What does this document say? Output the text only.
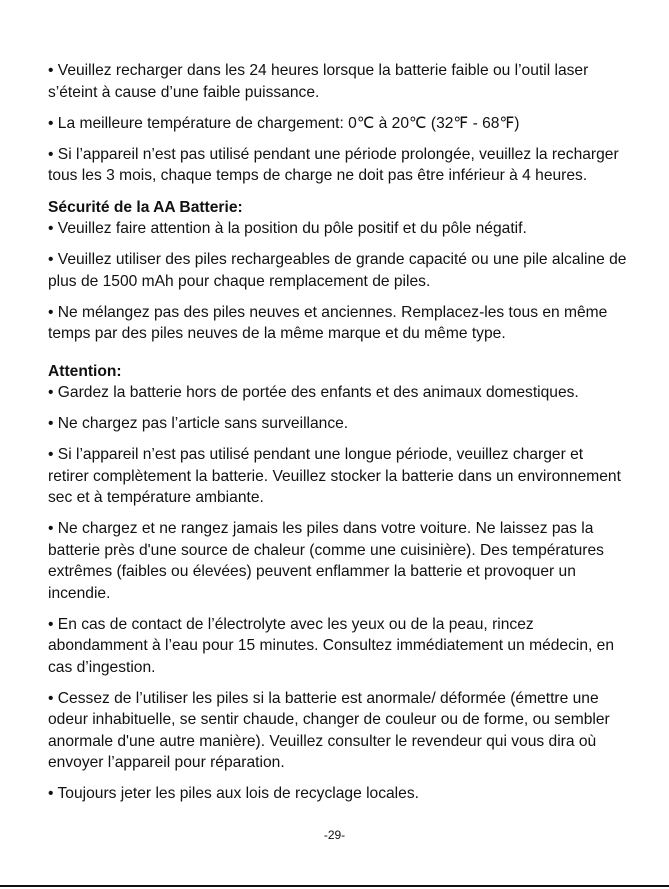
• Veuillez recharger dans les 24 heures lorsque la batterie faible ou l’outil laser s’éteint à cause d’une faible puissance.

• La meilleure température de chargement: 0℃ à 20℃ (32℉ - 68℉)

• Si l’appareil n’est pas utilisé pendant une période prolongée, veuillez la recharger tous les 3 mois, chaque temps de charge ne doit pas être inférieur à 4 heures.

Sécurité de la AA Batterie:

• Veuillez faire attention à la position du pôle positif et du pôle négatif.

• Veuillez utiliser des piles rechargeables de grande capacité ou une pile alcaline de plus de 1500 mAh pour chaque remplacement de piles.

• Ne mélangez pas des piles neuves et anciennes. Remplacez-les tous en même temps par des piles neuves de la même marque et du même type.

Attention:

• Gardez la batterie hors de portée des enfants et des animaux domestiques.

• Ne chargez pas l’article sans surveillance.

• Si l’appareil n’est pas utilisé pendant une longue période, veuillez charger et retirer complètement la batterie. Veuillez stocker la batterie dans un environnement sec et à température ambiante.

• Ne chargez et ne rangez jamais les piles dans votre voiture. Ne laissez pas la batterie près d'une source de chaleur (comme une cuisinière). Des températures extrêmes (faibles ou élevées) peuvent enflammer la batterie et provoquer un incendie.

• En cas de contact de l’électrolyte avec les yeux ou de la peau, rincez abondamment à l’eau pour 15 minutes. Consultez immédiatement un médecin, en cas d’ingestion.

• Cessez de l’utiliser les piles si la batterie est anormale/ déformée (émettre une odeur inhabituelle, se sentir chaude, changer de couleur ou de forme, ou sembler anormale d'une autre manière). Veuillez consulter le revendeur qui vous dira où envoyer l’appareil pour réparation.

• Toujours jeter les piles aux lois de recyclage locales.

-29-
